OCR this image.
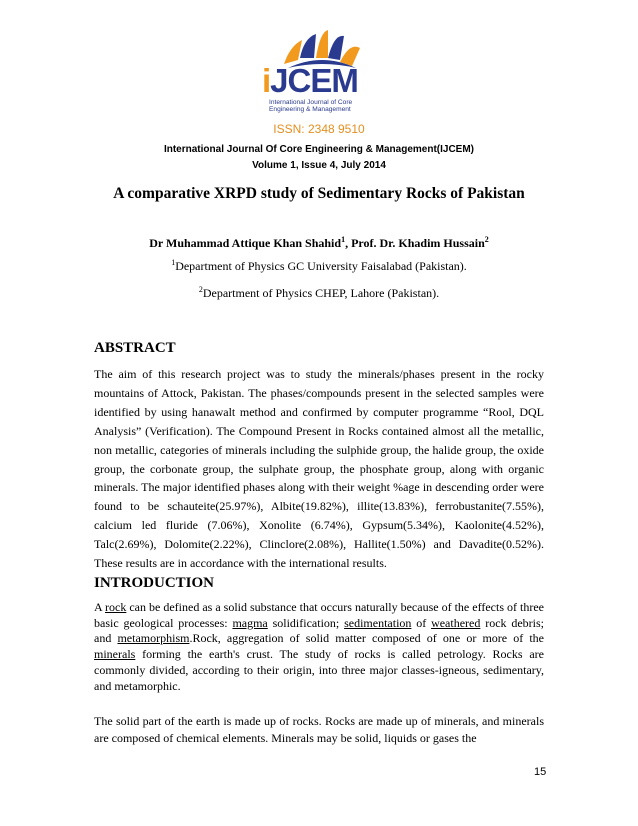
iJCEM
International Journal of Core
Engineering & Management
ISSN: 2348 9510
International Journal Of Core Engineering & Management(IJCEM)
Volume 1, Issue 4, July 2014
A comparative XRPD study of Sedimentary Rocks of Pakistan
Dr Muhammad Attique Khan Shahid$^1$, Prof. Dr. Khadim Hussain$^2$
$^1$Department of Physics GC University Faisalabad (Pakistan).
$^2$Department of Physics CHEP, Lahore (Pakistan).
ABSTRACT
The aim of this research project was to study the minerals/phases present in the rocky mountains of Attock, Pakistan. The phases/compounds present in the selected samples were identified by using hanawalt method and confirmed by computer programme “Rool, DQL Analysis” (Verification). The Compound Present in Rocks contained almost all the metallic, non metallic, categories of minerals including the sulphide group, the halide group, the oxide group, the corbonate group, the sulphate group, the phosphate group, along with organic minerals. The major identified phases along with their weight %age in descending order were found to be schauteite(25.97%), Albite(19.82%), illite(13.83%), ferrobustanite(7.55%), calcium led fluride (7.06%), Xonolite (6.74%), Gypsum(5.34%), Kaolonite(4.52%), Talc(2.69%), Dolomite(2.22%), Clinclore(2.08%), Hallite(1.50%) and Davadite(0.52%). These results are in accordance with the international results.
INTRODUCTION
A rock can be defined as a solid substance that occurs naturally because of the effects of three basic geological processes: magma solidification; sedimentation of weathered rock debris; and metamorphism.Rock, aggregation of solid matter composed of one or more of the minerals forming the earth's crust. The study of rocks is called petrology. Rocks are commonly divided, according to their origin, into three major classes-igneous, sedimentary, and metamorphic.
The solid part of the earth is made up of rocks. Rocks are made up of minerals, and minerals are composed of chemical elements. Minerals may be solid, liquids or gases the
15
